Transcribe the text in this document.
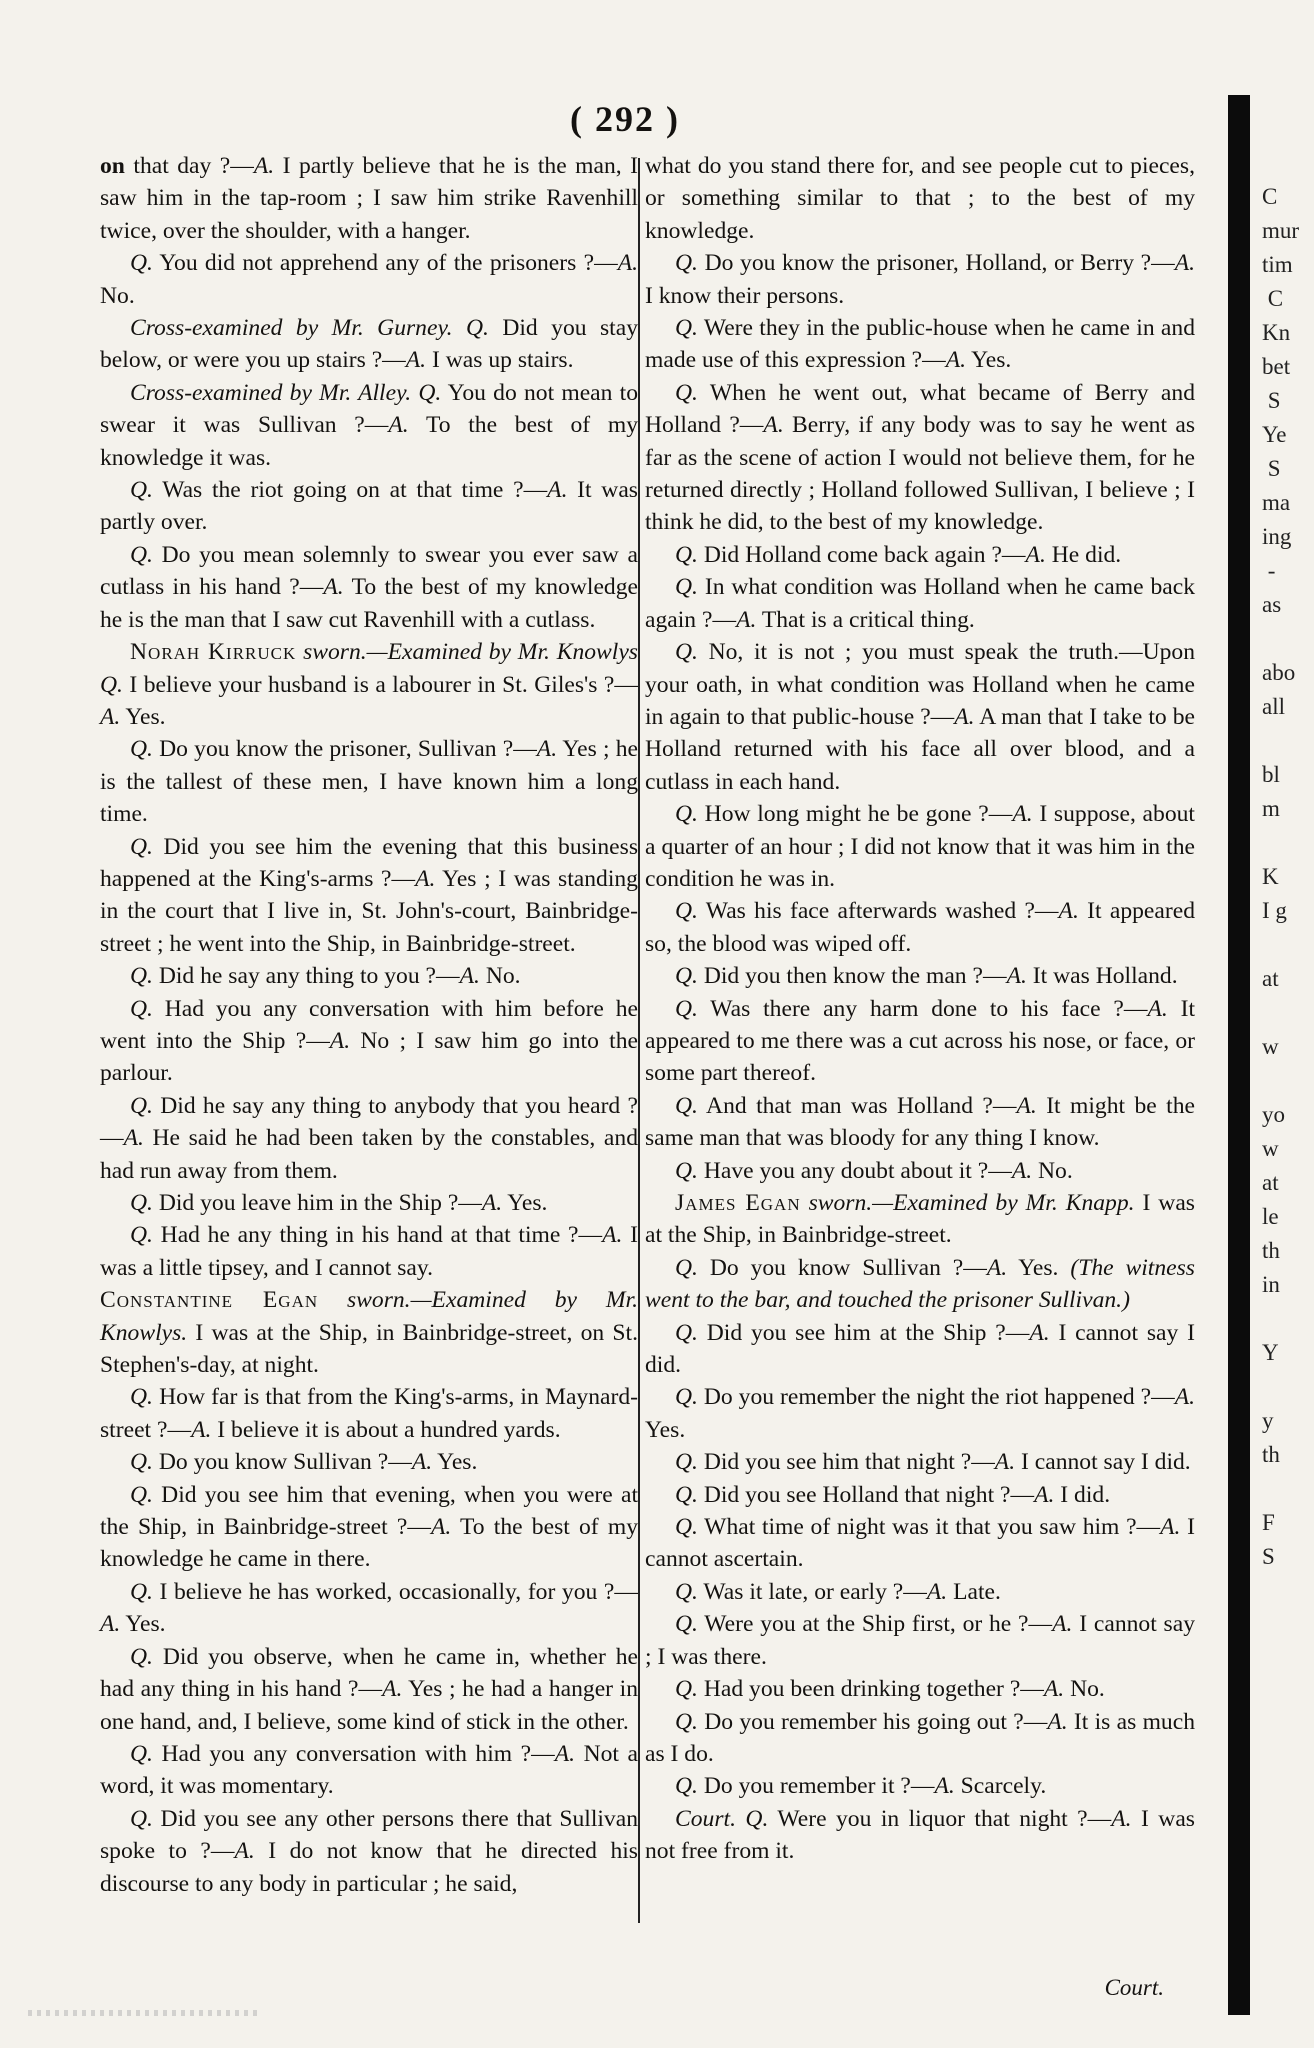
( 292 )

on that day ?—A. I partly believe that he is the man, I saw him in the tap-room ; I saw him strike Ravenhill twice, over the shoulder, with a hanger.

Q. You did not apprehend any of the prisoners ?—A. No.

Cross-examined by Mr. Gurney. Q. Did you stay below, or were you up stairs ?—A. I was up stairs.

Cross-examined by Mr. Alley. Q. You do not mean to swear it was Sullivan ?—A. To the best of my knowledge it was.

Q. Was the riot going on at that time ?—A. It was partly over.

Q. Do you mean solemnly to swear you ever saw a cutlass in his hand ?—A. To the best of my knowledge he is the man that I saw cut Ravenhill with a cutlass.

Norah Kirruck sworn.—Examined by Mr. Knowlys Q. I believe your husband is a labourer in St. Giles's ?—A. Yes.

Q. Do you know the prisoner, Sullivan ?—A. Yes ; he is the tallest of these men, I have known him a long time.

Q. Did you see him the evening that this business happened at the King's-arms ?—A. Yes ; I was standing in the court that I live in, St. John's-court, Bainbridge-street ; he went into the Ship, in Bainbridge-street.

Q. Did he say any thing to you ?—A. No.

Q. Had you any conversation with him before he went into the Ship ?—A. No ; I saw him go into the parlour.

Q. Did he say any thing to anybody that you heard ?—A. He said he had been taken by the constables, and had run away from them.

Q. Did you leave him in the Ship ?—A. Yes.

Q. Had he any thing in his hand at that time ?—A. I was a little tipsey, and I cannot say.

Constantine Egan sworn.—Examined by Mr. Knowlys. I was at the Ship, in Bainbridge-street, on St. Stephen's-day, at night.

Q. How far is that from the King's-arms, in Maynard-street ?—A. I believe it is about a hundred yards.

Q. Do you know Sullivan ?—A. Yes.

Q. Did you see him that evening, when you were at the Ship, in Bainbridge-street ?—A. To the best of my knowledge he came in there.

Q. I believe he has worked, occasionally, for you ?—A. Yes.

Q. Did you observe, when he came in, whether he had any thing in his hand ?—A. Yes ; he had a hanger in one hand, and, I believe, some kind of stick in the other.

Q. Had you any conversation with him ?—A. Not a word, it was momentary.

Q. Did you see any other persons there that Sullivan spoke to ?—A. I do not know that he directed his discourse to any body in particular ; he said,

what do you stand there for, and see people cut to pieces, or something similar to that ; to the best of my knowledge.

Q. Do you know the prisoner, Holland, or Berry ?—A. I know their persons.

Q. Were they in the public-house when he came in and made use of this expression ?—A. Yes.

Q. When he went out, what became of Berry and Holland ?—A. Berry, if any body was to say he went as far as the scene of action I would not believe them, for he returned directly ; Holland followed Sullivan, I believe ; I think he did, to the best of my knowledge.

Q. Did Holland come back again ?—A. He did.

Q. In what condition was Holland when he came back again ?—A. That is a critical thing.

Q. No, it is not ; you must speak the truth.—Upon your oath, in what condition was Holland when he came in again to that public-house ?—A. A man that I take to be Holland returned with his face all over blood, and a cutlass in each hand.

Q. How long might he be gone ?—A. I suppose, about a quarter of an hour ; I did not know that it was him in the condition he was in.

Q. Was his face afterwards washed ?—A. It appeared so, the blood was wiped off.

Q. Did you then know the man ?—A. It was Holland.

Q. Was there any harm done to his face ?—A. It appeared to me there was a cut across his nose, or face, or some part thereof.

Q. And that man was Holland ?—A. It might be the same man that was bloody for any thing I know.

Q. Have you any doubt about it ?—A. No.

James Egan sworn.—Examined by Mr. Knapp. I was at the Ship, in Bainbridge-street.

Q. Do you know Sullivan ?—A. Yes. (The witness went to the bar, and touched the prisoner Sullivan.)

Q. Did you see him at the Ship ?—A. I cannot say I did.

Q. Do you remember the night the riot happened ?—A. Yes.

Q. Did you see him that night ?—A. I cannot say I did.

Q. Did you see Holland that night ?—A. I did.

Q. What time of night was it that you saw him ?—A. I cannot ascertain.

Q. Was it late, or early ?—A. Late.

Q. Were you at the Ship first, or he ?—A. I cannot say ; I was there.

Q. Had you been drinking together ?—A. No.

Q. Do you remember his going out ?—A. It is as much as I do.

Q. Do you remember it ?—A. Scarcely.

Court. Q. Were you in liquor that night ?—A. I was not free from it.

C
mur
tim
C
Kn
bet
S
Ye
S
ma
ing
-
as

abo
all

bl
m

K
I g

at

w

yo
w
at
le
th
in

Y

y
th

F
S
Court.
